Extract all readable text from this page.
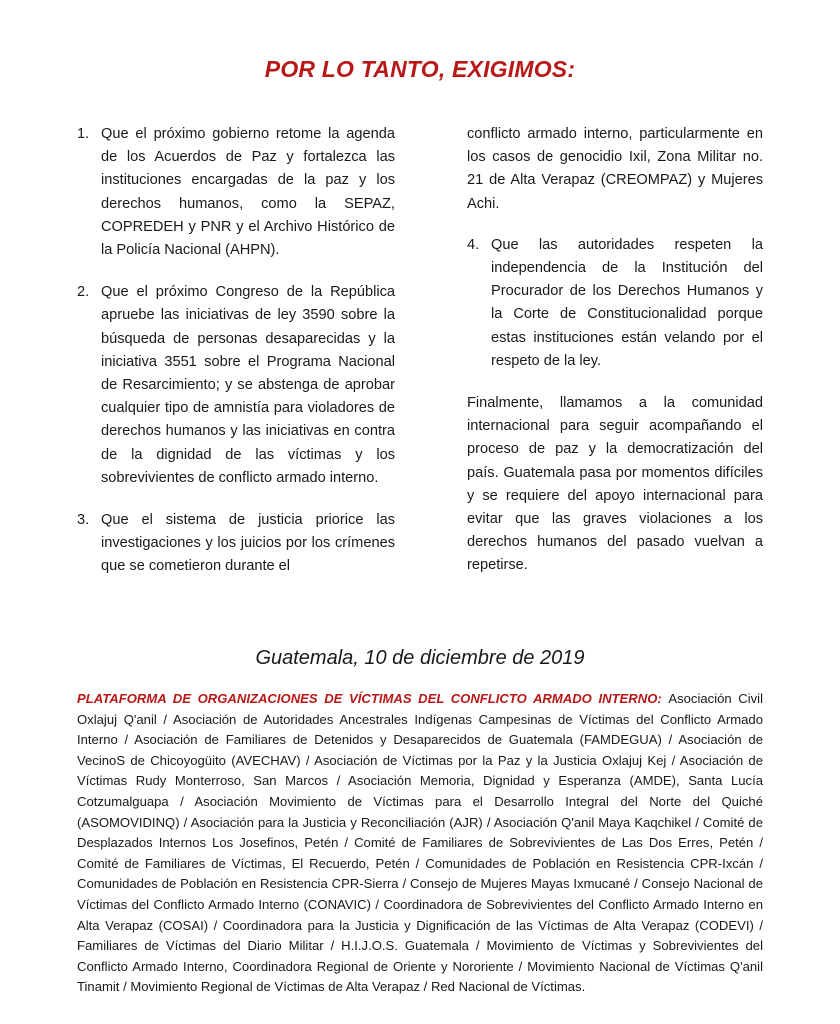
POR LO TANTO, EXIGIMOS:
1. Que el próximo gobierno retome la agenda de los Acuerdos de Paz y fortalezca las instituciones encargadas de la paz y los derechos humanos, como la SEPAZ, COPREDEH y PNR y el Archivo Histórico de la Policía Nacional (AHPN).
2. Que el próximo Congreso de la República apruebe las iniciativas de ley 3590 sobre la búsqueda de personas desaparecidas y la iniciativa 3551 sobre el Programa Nacional de Resarcimiento; y se abstenga de aprobar cualquier tipo de amnistía para violadores de derechos humanos y las iniciativas en contra de la dignidad de las víctimas y los sobrevivientes de conflicto armado interno.
3. Que el sistema de justicia priorice las investigaciones y los juicios por los crímenes que se cometieron durante el
conflicto armado interno, particularmente en los casos de genocidio Ixil, Zona Militar no. 21 de Alta Verapaz (CREOMPAZ) y Mujeres Achi.
4. Que las autoridades respeten la independencia de la Institución del Procurador de los Derechos Humanos y la Corte de Constitucionalidad porque estas instituciones están velando por el respeto de la ley.
Finalmente, llamamos a la comunidad internacional para seguir acompañando el proceso de paz y la democratización del país. Guatemala pasa por momentos difíciles y se requiere del apoyo internacional para evitar que las graves violaciones a los derechos humanos del pasado vuelvan a repetirse.
Guatemala, 10 de diciembre de 2019
PLATAFORMA DE ORGANIZACIONES DE VÍCTIMAS DEL CONFLICTO ARMADO INTERNO: Asociación Civil Oxlajuj Q'anil / Asociación de Autoridades Ancestrales Indígenas Campesinas de Víctimas del Conflicto Armado Interno / Asociación de Familiares de Detenidos y Desaparecidos de Guatemala (FAMDEGUA) / Asociación de VecinoS de Chicoyogüito (AVECHAV) / Asociación de Víctimas por la Paz y la Justicia Oxlajuj Kej / Asociación de Víctimas Rudy Monterroso, San Marcos / Asociación Memoria, Dignidad y Esperanza (AMDE), Santa Lucía Cotzumalguapa / Asociación Movimiento de Víctimas para el Desarrollo Integral del Norte del Quiché (ASOMOVIDINQ) / Asociación para la Justicia y Reconciliación (AJR) / Asociación Q'anil Maya Kaqchikel / Comité de Desplazados Internos Los Josefinos, Petén / Comité de Familiares de Sobrevivientes de Las Dos Erres, Petén / Comité de Familiares de Víctimas, El Recuerdo, Petén / Comunidades de Población en Resistencia CPR-Ixcán / Comunidades de Población en Resistencia CPR-Sierra / Consejo de Mujeres Mayas Ixmucané / Consejo Nacional de Víctimas del Conflicto Armado Interno (CONAVIC) / Coordinadora de Sobrevivientes del Conflicto Armado Interno en Alta Verapaz (COSAI) / Coordinadora para la Justicia y Dignificación de las Víctimas de Alta Verapaz (CODEVI) / Familiares de Víctimas del Diario Militar / H.I.J.O.S. Guatemala / Movimiento de Víctimas y Sobrevivientes del Conflicto Armado Interno, Coordinadora Regional de Oriente y Nororiente / Movimiento Nacional de Víctimas Q'anil Tinamit / Movimiento Regional de Víctimas de Alta Verapaz / Red Nacional de Víctimas.
